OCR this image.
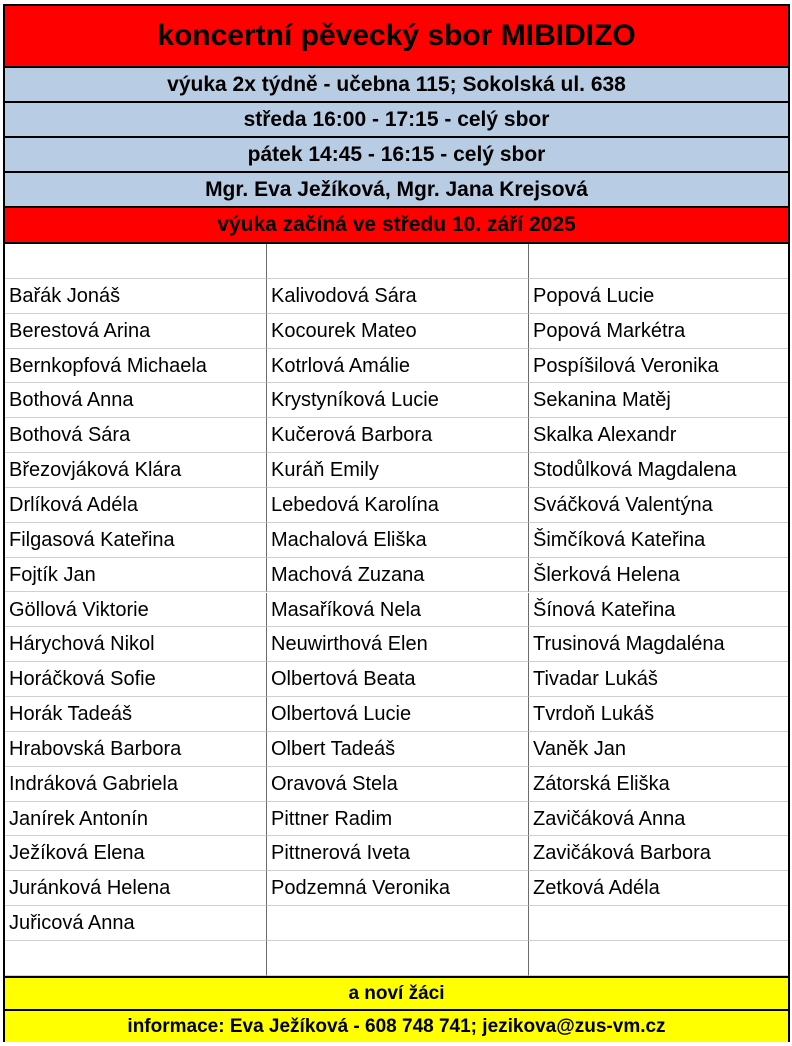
koncertní pěvecký sbor MIBIDIZO
výuka 2x týdně - učebna 115; Sokolská ul. 638
středa 16:00 - 17:15 - celý sbor
pátek 14:45 - 16:15 - celý sbor
Mgr. Eva Ježíková, Mgr. Jana Krejsová
výuka začíná ve středu 10. září 2025
Bařák Jonáš
Berestová Arina
Bernkopfová Michaela
Bothová Anna
Bothová Sára
Březovjáková Klára
Drlíková Adéla
Filgasová Kateřina
Fojtík Jan
Göllová Viktorie
Hárychová Nikol
Horáčková Sofie
Horák Tadeáš
Hrabovská Barbora
Indráková Gabriela
Janírek Antonín
Ježíková Elena
Juránková Helena
Juřicová Anna
Kalivodová Sára
Kocourek Mateo
Kotrlová Amálie
Krystyníková Lucie
Kučerová Barbora
Kuráň Emily
Lebedová Karolína
Machalová Eliška
Machová Zuzana
Masaříková Nela
Neuwirthová Elen
Olbertová Beata
Olbertová Lucie
Olbert Tadeáš
Oravová Stela
Pittner Radim
Pittnerová Iveta
Podzemná Veronika
Popová Lucie
Popová Markétra
Pospíšilová Veronika
Sekanina Matěj
Skalka Alexandr
Stodůlková Magdalena
Sváčková Valentýna
Šimčíková Kateřina
Šlerková Helena
Šínová Kateřina
Trusinová Magdaléna
Tivadar Lukáš
Tvrdoň Lukáš
Vaněk Jan
Zátorská Eliška
Zavičáková Anna
Zavičáková Barbora
Zetková Adéla
a noví žáci
informace: Eva Ježíková - 608 748 741; jezikova@zus-vm.cz
